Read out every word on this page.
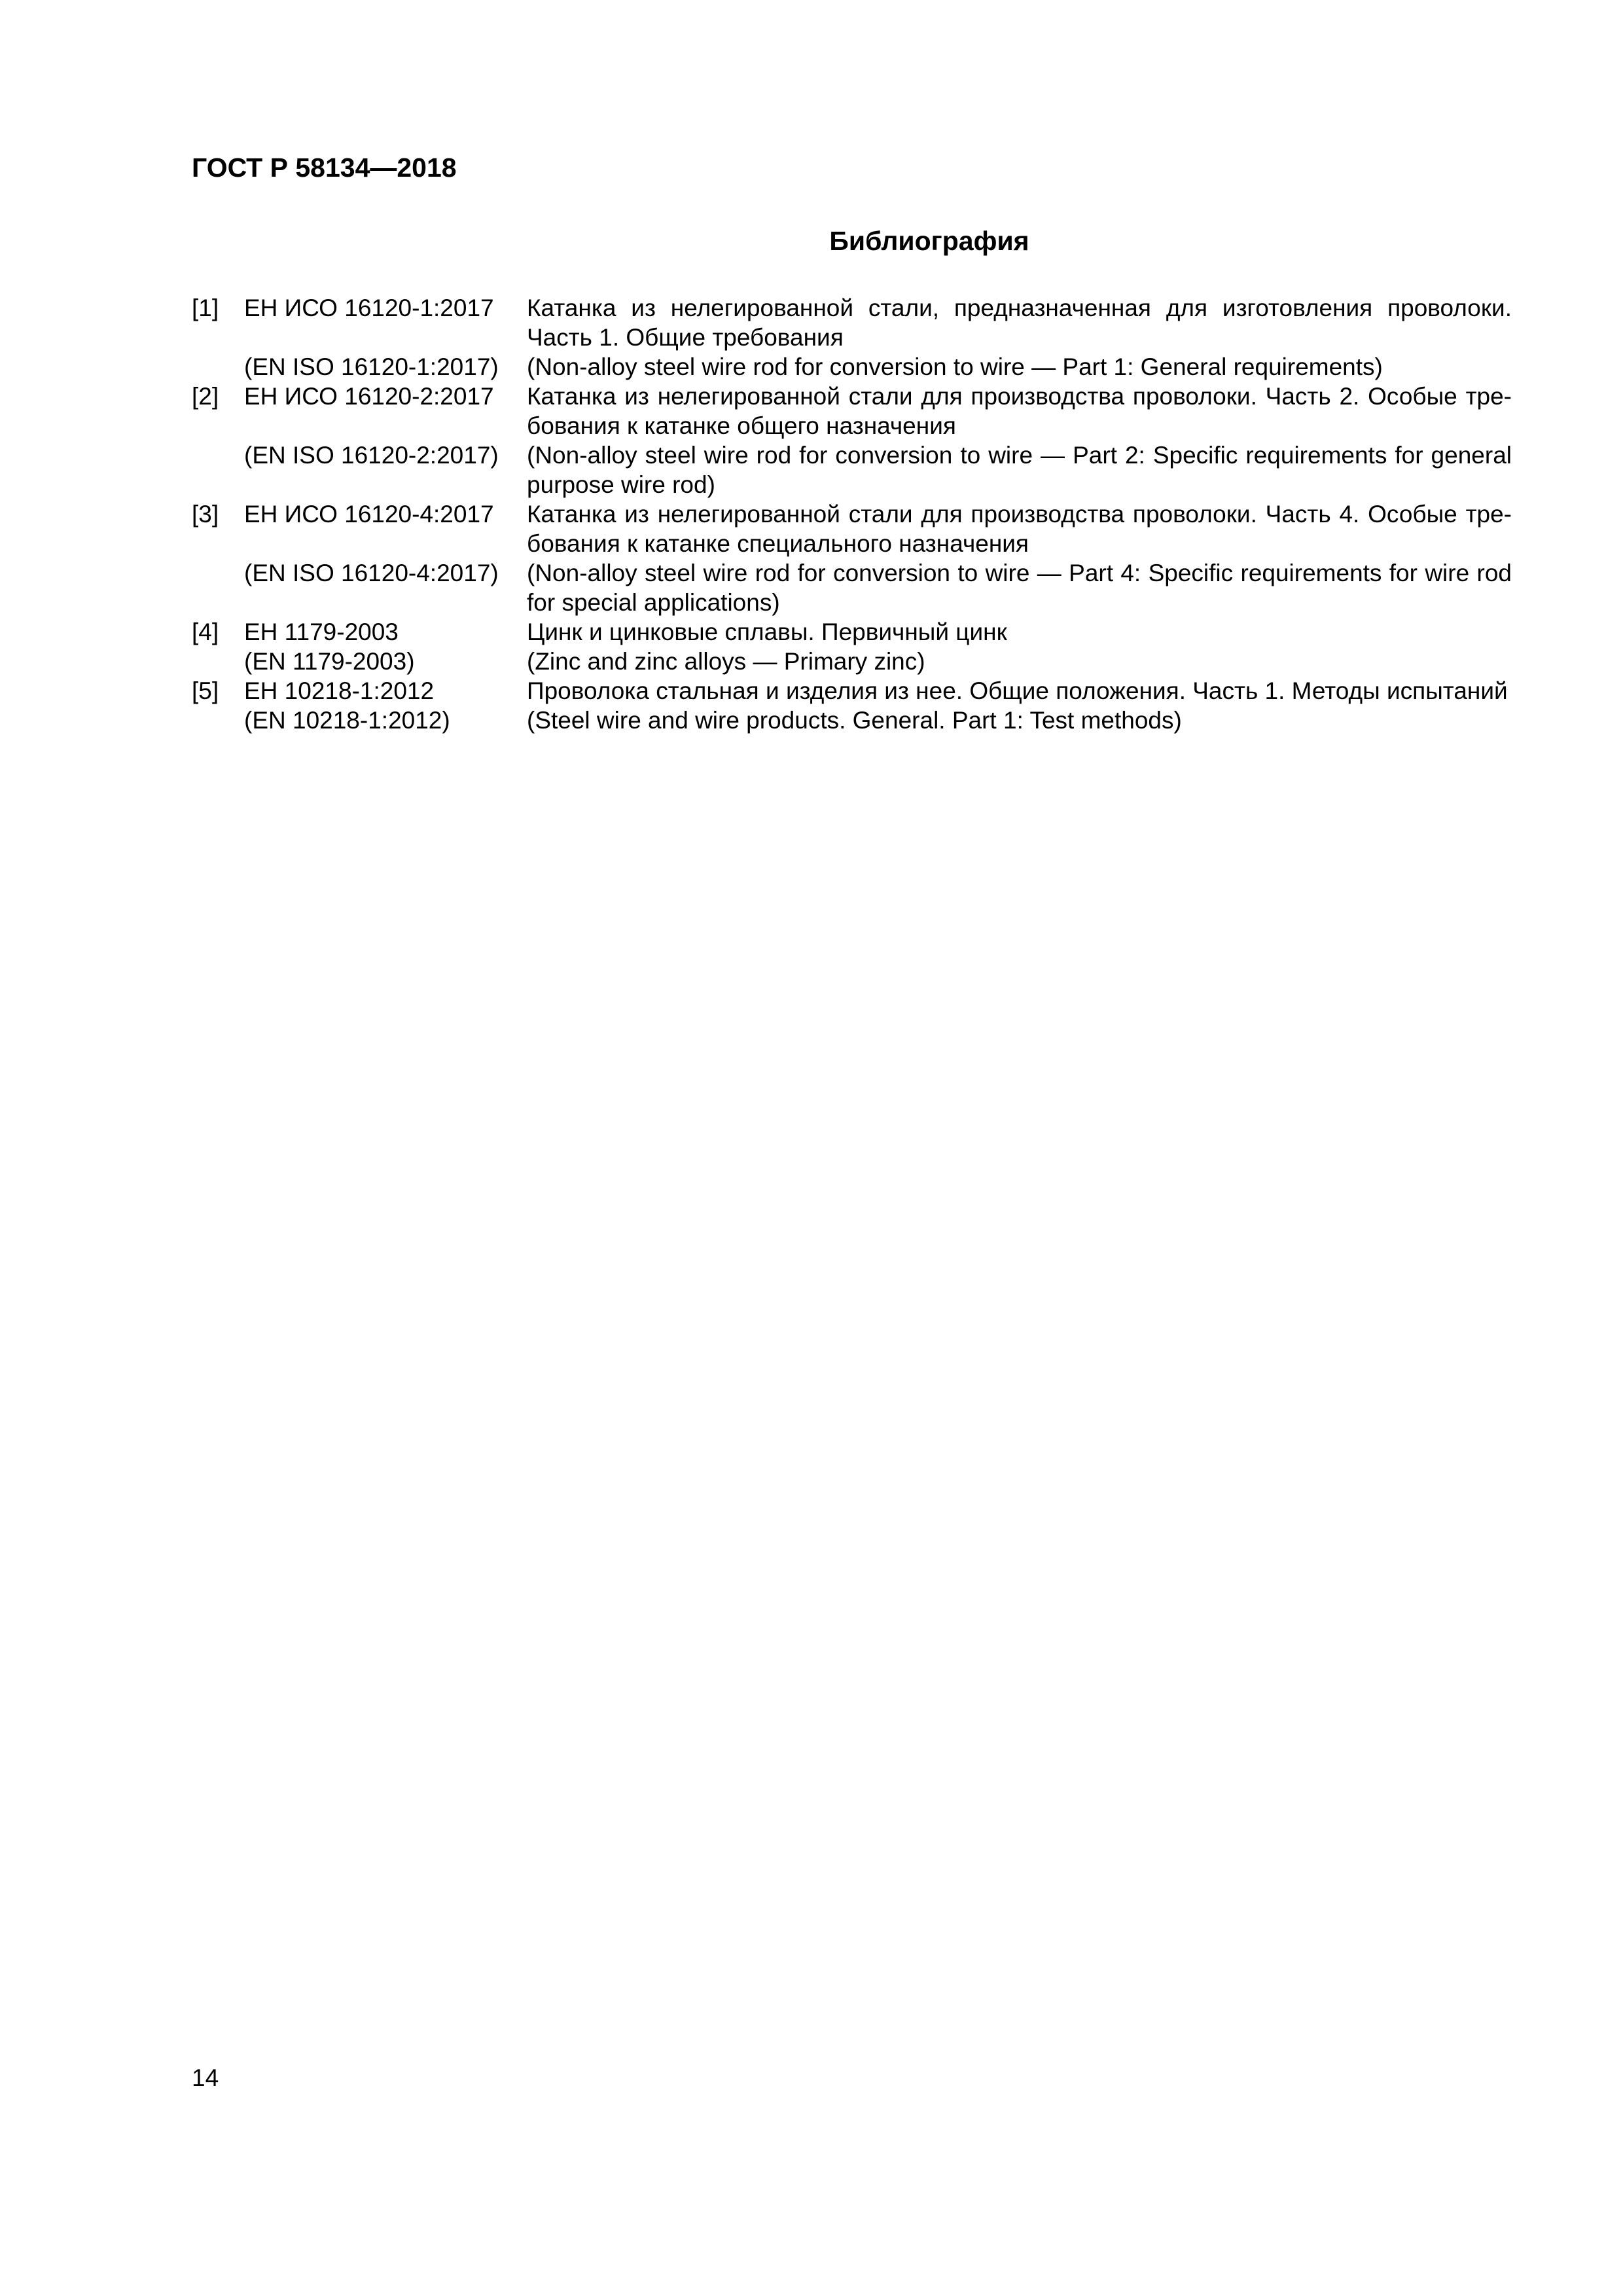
ГОСТ Р 58134—2018
Библиография
[1]	ЕН ИСО 16120-1:2017	Катанка из нелегированной стали, предназначенная для изготовления проволоки.
Часть 1. Общие требования
(EN ISO 16120-1:2017)	(Non-alloy steel wire rod for conversion to wire — Part 1: General requirements)
[2]	ЕН ИСО 16120-2:2017	Катанка из нелегированной стали для производства проволоки. Часть 2. Особые тре-
бования к катанке общего назначения
(EN ISO 16120-2:2017)	(Non-alloy steel wire rod for conversion to wire — Part 2: Specific requirements for general
purpose wire rod)
[3]	ЕН ИСО 16120-4:2017	Катанка из нелегированной стали для производства проволоки. Часть 4. Особые тре-
бования к катанке специального назначения
(EN ISO 16120-4:2017)	(Non-alloy steel wire rod for conversion to wire — Part 4: Specific requirements for wire rod
for special applications)
[4]	ЕН 1179-2003	Цинк и цинковые сплавы. Первичный цинк
(EN 1179-2003)	(Zinc and zinc alloys — Primary zinc)
[5]	ЕН 10218-1:2012	Проволока стальная и изделия из нее. Общие положения. Часть 1. Методы испытаний
(EN 10218-1:2012)	(Steel wire and wire products. General. Part 1: Test methods)
14
